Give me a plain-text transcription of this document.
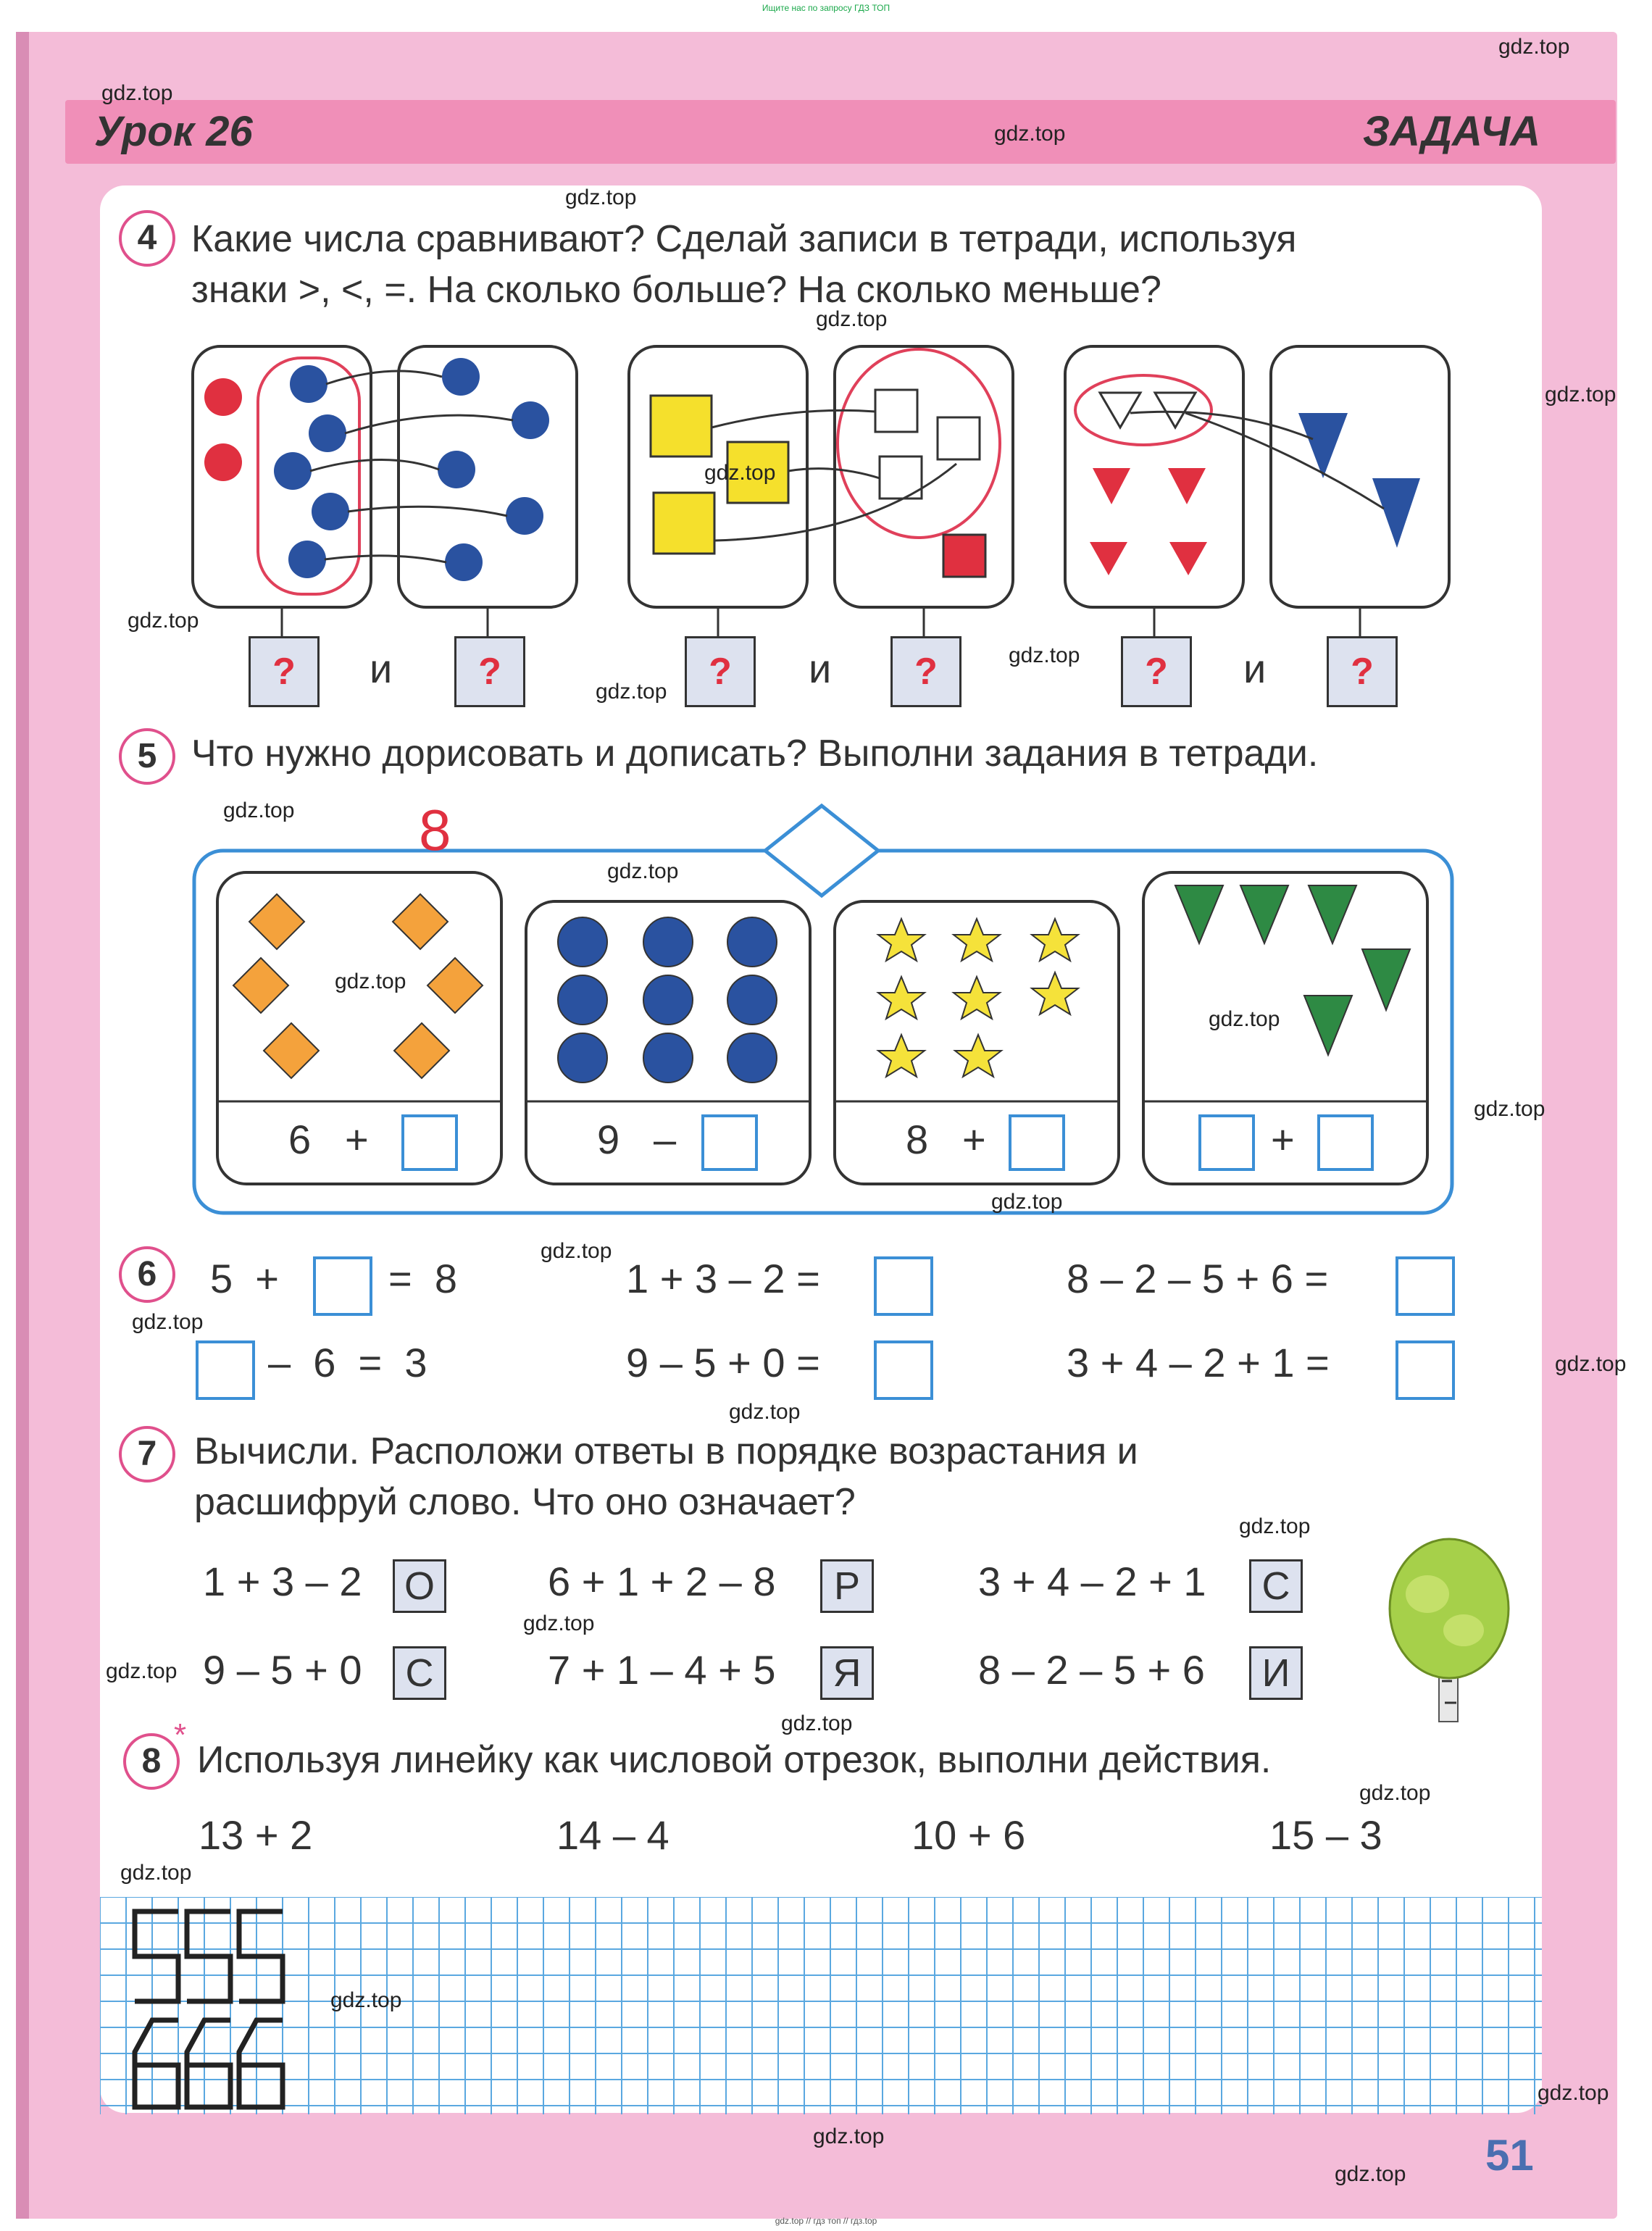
Ищите нас по запросу ГДЗ ТОП
Урок 26	ЗАДАЧА
4 Какие числа сравнивают? Сделай записи в тетради, используя
знаки >, <, =. На сколько больше? На сколько меньше?
?	и	?	?	и	?	?	и	?
5 Что нужно дорисовать и дописать? Выполни задания в тетради.
8
6 +	9 –	8 +	+
6	5  +	=  8	1 + 3 – 2 =	8 – 2 – 5 + 6 =
–  6  =  3	9 – 5 + 0 =	3 + 4 – 2 + 1 =
7 Вычисли. Расположи ответы в порядке возрастания и
расшифруй слово. Что оно означает?
1 + 3 – 2 О	6 + 1 + 2 – 8	Р	3 + 4 – 2 + 1	С
9 – 5 + 0	С	7 + 1 – 4 + 5	Я	8 – 2 – 5 + 6	И
8
*
Используя линейку как числовой отрезок, выполни действия.
13 + 2	14 – 4	10 + 6	15 – 3
51
gdz.top
gdz.top
gdz.top
gdz.top
gdz.top
gdz.top
gdz.top
gdz.top
gdz.top
gdz.top
gdz.top
gdz.top
gdz.top
gdz.top
gdz.top
gdz.top
gdz.top
gdz.top
gdz.top
gdz.top
gdz.top
gdz.top
gdz.top
gdz.top
gdz.top
gdz.top
gdz.top
gdz.top
gdz.top
gdz.top
gdz.top // гдз топ // гдз.top
